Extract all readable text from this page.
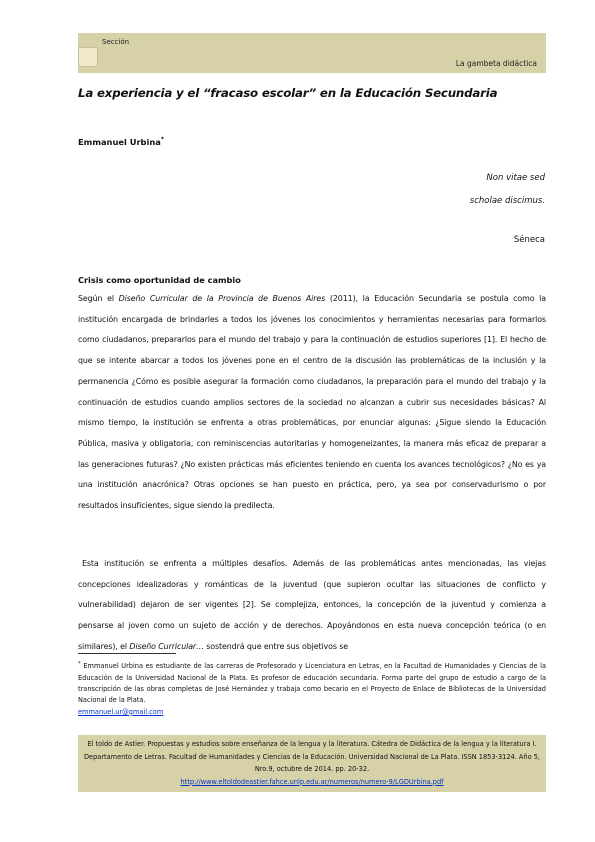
Sección
La gambeta didáctica
La experiencia y el “fracaso escolar” en la Educación Secundaria
Emmanuel Urbina*
Non vitae sed
scholae discimus.
Séneca
Crisis como oportunidad de cambio
Según el Diseño Curricular de la Provincia de Buenos Aires (2011), la Educación Secundaria se postula como la institución encargada de brindarles a todos los jóvenes los conocimientos y herramientas necesarias para formarlos como ciudadanos, prepararlos para el mundo del trabajo y para la continuación de estudios superiores [1]. El hecho de que se intente abarcar a todos los jóvenes pone en el centro de la discusión las problemáticas de la inclusión y la permanencia ¿Cómo es posible asegurar la formación como ciudadanos, la preparación para el mundo del trabajo y la continuación de estudios cuando amplios sectores de la sociedad no alcanzan a cubrir sus necesidades básicas? Al mismo tiempo, la institución se enfrenta a otras problemáticas, por enunciar algunas: ¿Sigue siendo la Educación Pública, masiva y obligatoria, con reminiscencias autoritarias y homogeneizantes, la manera más eficaz de preparar a las generaciones futuras? ¿No existen prácticas más eficientes teniendo en cuenta los avances tecnológicos? ¿No es ya una institución anacrónica? Otras opciones se han puesto en práctica, pero, ya sea por conservadurismo o por resultados insuficientes, sigue siendo la predilecta.
Esta institución se enfrenta a múltiples desafíos. Además de las problemáticas antes mencionadas, las viejas concepciones idealizadoras y románticas de la juventud (que supieron ocultar las situaciones de conflicto y vulnerabilidad) dejaron de ser vigentes [2]. Se complejiza, entonces, la concepción de la juventud y comienza a pensarse al joven como un sujeto de acción y de derechos. Apoyándonos en esta nueva concepción teórica (o en similares), el Diseño Curricular… sostendrá que entre sus objetivos se
* Emmanuel Urbina es estudiante de las carreras de Profesorado y Licenciatura en Letras, en la Facultad de Humanidades y Ciencias de la Educación de la Universidad Nacional de la Plata. Es profesor de educación secundaria. Forma parte del grupo de estudio a cargo de la transcripción de las obras completas de José Hernández y trabaja como becario en el Proyecto de Enlace de Bibliotecas de la Universidad Nacional de la Plata.
emmanuel.ur@gmail.com
El toldo de Astier. Propuestas y estudios sobre enseñanza de la lengua y la literatura. Cátedra de Didáctica de la lengua y la literatura I. Departamento de Letras. Facultad de Humanidades y Ciencias de la Educación. Universidad Nacional de La Plata. ISSN 1853-3124. Año 5, Nro.9, octubre de 2014. pp. 20-32.
http://www.eltoldodeastier.fahce.unlp.edu.ar/numeros/numero-9/LGDUrbina.pdf
